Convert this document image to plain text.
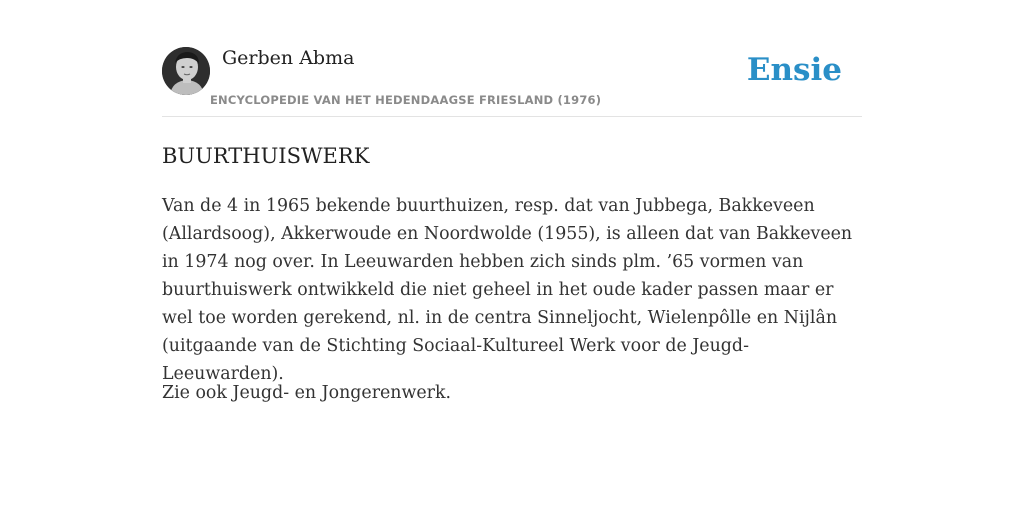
Gerben Abma
ENCYCLOPEDIE VAN HET HEDENDAAGSE FRIESLAND (1976)
Ensie
BUURTHUISWERK

Van de 4 in 1965 bekende buurthuizen, resp. dat van Jubbega, Bakkeveen (Allardsoog), Akkerwoude en Noordwolde (1955), is alleen dat van Bakkeveen in 1974 nog over. In Leeuwarden hebben zich sinds plm. ’65 vormen van buurthuiswerk ontwikkeld die niet geheel in het oude kader passen maar er wel toe worden gerekend, nl. in de centra Sinneljocht, Wielenpôlle en Nijlân (uitgaande van de Stichting Sociaal-Kultureel Werk voor de Jeugd-Leeuwarden).

Zie ook Jeugd- en Jongerenwerk.
